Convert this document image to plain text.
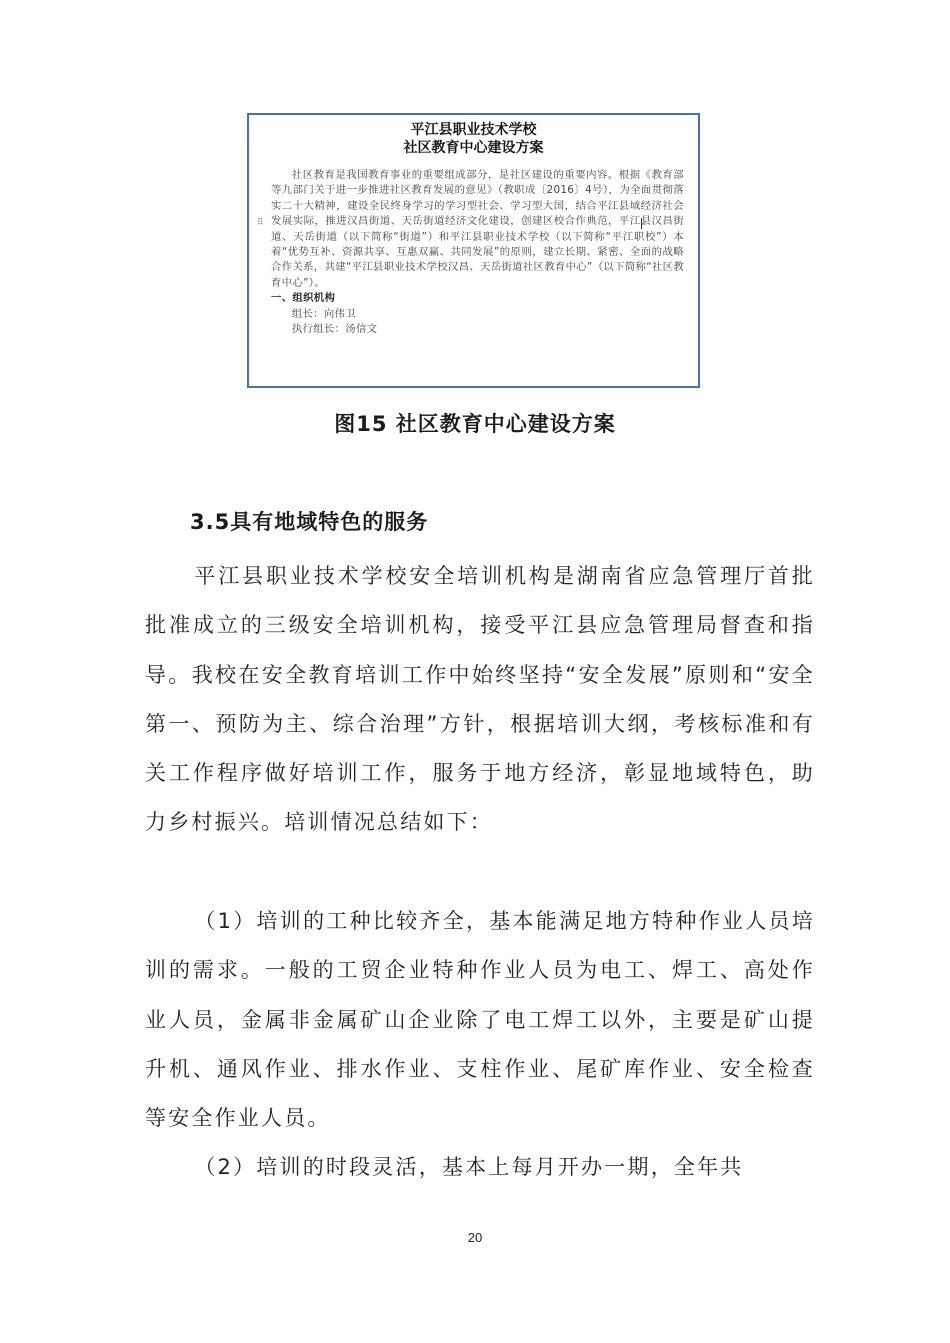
平江县职业技术学校
社区教育中心建设方案
⠿

社区教育是我国教育事业的重要组成部分，是社区建设的重要内容。根据《教育部等九部门关于进一步推进社区教育发展的意见》（教职成〔2016〕4号），为全面贯彻落实二十大精神，建设全民终身学习的学习型社会、学习型大国，结合平江县域经济社会发展实际，推进汉昌街道、天岳街道经济文化建设，创建区校合作典范，平江县汉昌街道、天岳街道（以下简称“街道”）和平江县职业技术学校（以下简称“平江职校”）本着“优势互补、资源共享、互惠双赢、共同发展”的原则，建立长期、紧密、全面的战略合作关系，共建“平江县职业技术学校汉昌、天岳街道社区教育中心”（以下简称“社区教育中心”）。

一、组织机构
组长：向伟卫
执行组长：汤信文
图15 社区教育中心建设方案
3.5具有地域特色的服务

平江县职业技术学校安全培训机构是湖南省应急管理厅首批批准成立的三级安全培训机构，接受平江县应急管理局督查和指导。我校在安全教育培训工作中始终坚持“安全发展”原则和“安全第一、预防为主、综合治理”方针，根据培训大纲，考核标准和有关工作程序做好培训工作，服务于地方经济，彰显地域特色，助力乡村振兴。培训情况总结如下：

（1）培训的工种比较齐全，基本能满足地方特种作业人员培训的需求。一般的工贸企业特种作业人员为电工、焊工、高处作业人员，金属非金属矿山企业除了电工焊工以外，主要是矿山提升机、通风作业、排水作业、支柱作业、尾矿库作业、安全检查等安全作业人员。

（2）培训的时段灵活，基本上每月开办一期，全年共

20
